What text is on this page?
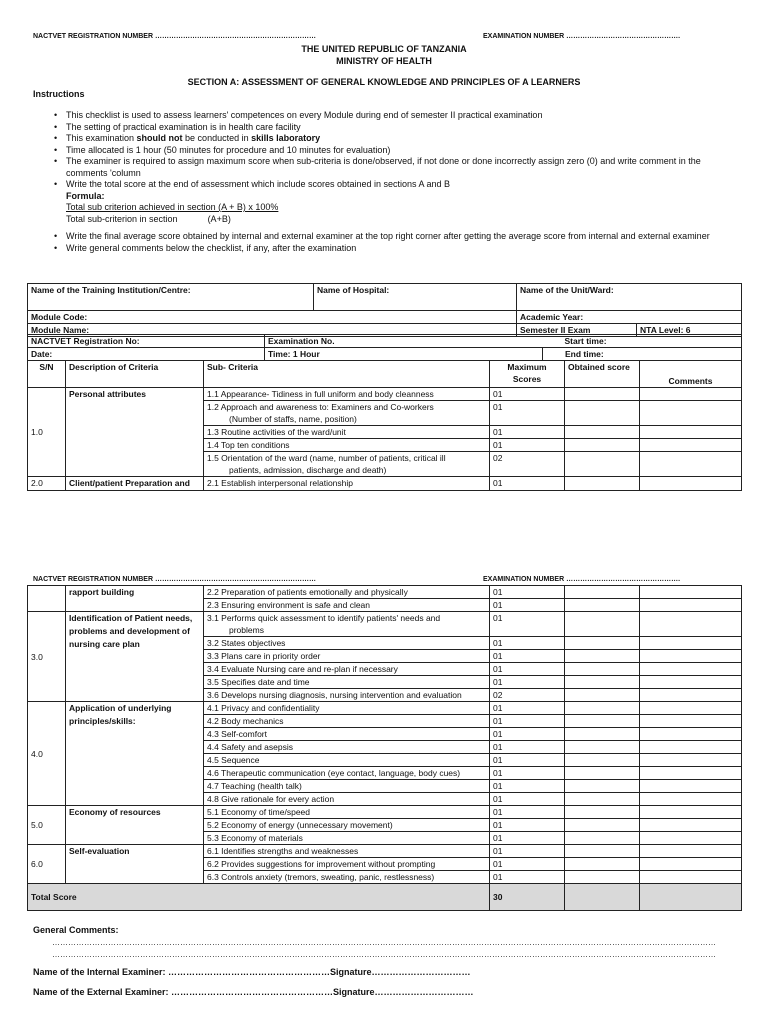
NACTVET REGISTRATION NUMBER ……………………………………………………………	EXAMINATION NUMBER ………………………………………….
THE UNITED REPUBLIC OF TANZANIA
MINISTRY OF HEALTH
SECTION A: ASSESSMENT OF GENERAL KNOWLEDGE AND PRINCIPLES OF A LEARNERS
Instructions
• This checklist is used to assess learners' competences on every Module during end of semester II practical examination
• The setting of practical examination is in health care facility
• This examination should not be conducted in skills laboratory
• Time allocated is 1 hour (50 minutes for procedure and 10 minutes for evaluation)
• The examiner is required to assign maximum score when sub-criteria is done/observed, if not done or done incorrectly assign zero (0) and write comment in the comments 'column
• Write the total score at the end of assessment which include scores obtained in sections A and B
Formula:
Total sub criterion achieved in section (A + B) x 100%
Total sub-criterion in section	(A+B)
• Write the final average score obtained by internal and external examiner at the top right corner after getting the average score from internal and external examiner
• Write general comments below the checklist, if any, after the examination
Name of the Training Institution/Centre:	Name of Hospital:	Name of the Unit/Ward:	
Module Code:		Academic Year:	
Module Name:		Semester II Exam	NTA Level: 6
NACTVET Registration No:	Examination No.	Start time:
Date:	Time: 1 Hour	End time:
S/N	Description of Criteria	Sub- Criteria	Maximum Scores	Obtained score	Comments
1.0	Personal attributes	1.1 Appearance- Tidiness in full uniform and body cleanness	01		
		1.2 Approach and awareness to: Examiners and Co-workers
(Number of staffs, name, position)	01		
		1.3 Routine activities of the ward/unit	01		
		1.4 Top ten conditions	01		
		1.5 Orientation of the ward (name, number of patients, critical ill
patients, admission, discharge and death)	02		
2.0	Client/patient Preparation and	2.1 Establish interpersonal relationship	01		
NACTVET REGISTRATION NUMBER ……………………………………………………………	EXAMINATION NUMBER ………………………………………….
	rapport building	2.2 Preparation of patients emotionally and physically	01		
		2.3 Ensuring environment is safe and clean	01		
3.0	Identification of Patient needs, problems and development of nursing care plan	3.1 Performs quick assessment to identify patients' needs and
problems	01		
		3.2 States objectives	01		
		3.3 Plans care in priority order	01		
		3.4 Evaluate Nursing care and re-plan if necessary	01		
		3.5 Specifies date and time	01		
		3.6 Develops nursing diagnosis, nursing intervention and evaluation	02		
4.0	Application of underlying principles/skills:	4.1 Privacy and confidentiality	01		
		4.2 Body mechanics	01		
		4.3 Self-comfort	01		
		4.4 Safety and asepsis	01		
		4.5 Sequence	01		
		4.6 Therapeutic communication (eye contact, language, body cues)	01		
		4.7 Teaching (health talk)	01		
		4.8 Give rationale for every action	01		
5.0	Economy of resources	5.1 Economy of time/speed	01		
		5.2 Economy of energy (unnecessary movement)	01		
		5.3 Economy of materials	01		
6.0	Self-evaluation	6.1 Identifies strengths and weaknesses	01		
		6.2 Provides suggestions for improvement without prompting	01		
		6.3 Controls anxiety (tremors, sweating, panic, restlessness)	01		
Total Score			30		
General Comments:
……………………………………………………………………………………………………………………………………………………………………………………………………………………………
……………………………………………………………………………………………………………………………………………………………………………………………………………………………
Name of the Internal Examiner: ………………………………………………Signature……………………………
Name of the External Examiner: ………………………………………………Signature……………………………
